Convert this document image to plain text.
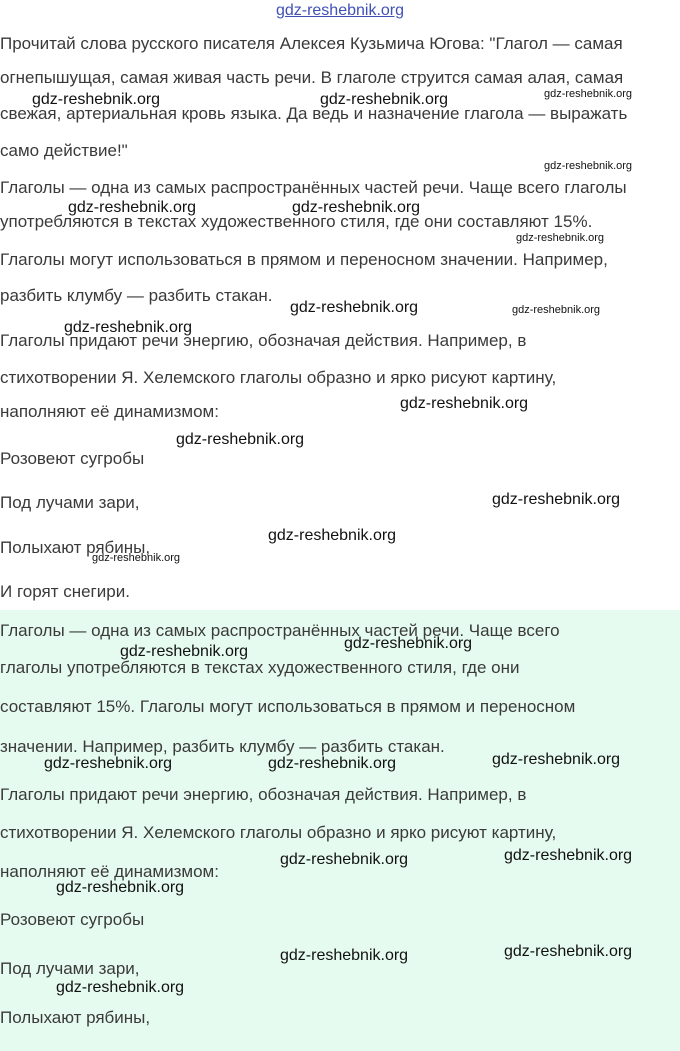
gdz-reshebnik.org

Прочитай слова русского писателя Алексея Кузьмича Югова: "Глагол — самая

огнепышущая, самая живая часть речи. В глаголе струится самая алая, самая

свежая, артериальная кровь языка. Да ведь и назначение глагола — выражать

само действие!"

Глаголы — одна из самых распространённых частей речи. Чаще всего глаголы

употребляются в текстах художественного стиля, где они составляют 15%.

Глаголы могут использоваться в прямом и переносном значении. Например,

разбить клумбу — разбить стакан.

Глаголы придают речи энергию, обозначая действия. Например, в

стихотворении Я. Хелемского глаголы образно и ярко рисуют картину,

наполняют её динамизмом:

Розовеют сугробы

Под лучами зари,

Полыхают рябины,

И горят снегири.

Глаголы — одна из самых распространённых частей речи. Чаще всего

глаголы употребляются в текстах художественного стиля, где они

составляют 15%. Глаголы могут использоваться в прямом и переносном

значении. Например, разбить клумбу — разбить стакан.

Глаголы придают речи энергию, обозначая действия. Например, в

стихотворении Я. Хелемского глаголы образно и ярко рисуют картину,

наполняют её динамизмом:

Розовеют сугробы

Под лучами зари,

Полыхают рябины,

gdz-reshebnik.org	gdz-reshebnik.org	gdz-reshebnik.org
gdz-reshebnik.org
gdz-reshebnik.org	gdz-reshebnik.org
gdz-reshebnik.org
gdz-reshebnik.org	gdz-reshebnik.org
gdz-reshebnik.org
gdz-reshebnik.org
gdz-reshebnik.org
gdz-reshebnik.org
gdz-reshebnik.org
gdz-reshebnik.org
gdz-reshebnik.org
gdz-reshebnik.org
gdz-reshebnik.org	gdz-reshebnik.org	gdz-reshebnik.org
gdz-reshebnik.org	gdz-reshebnik.org
gdz-reshebnik.org
gdz-reshebnik.org	gdz-reshebnik.org
gdz-reshebnik.org
